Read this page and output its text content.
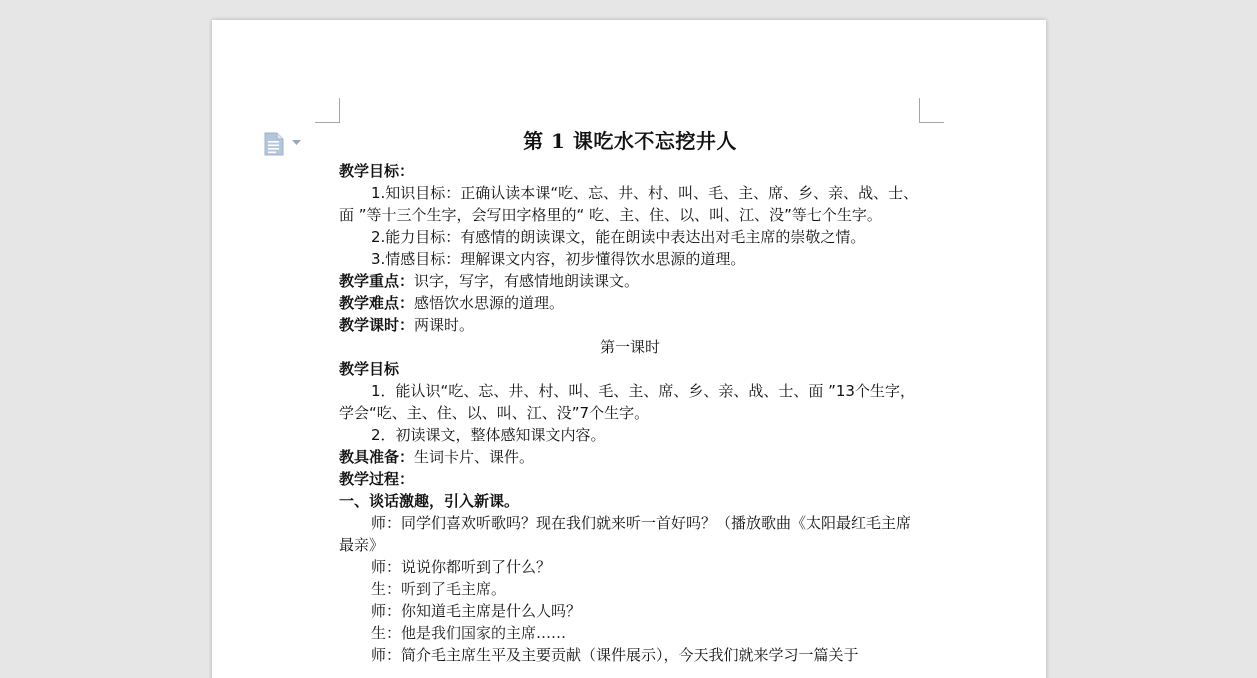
第 1 课吃水不忘挖井人

教学目标：

1.知识目标：正确认读本课“吃、忘、井、村、叫、毛、主、席、乡、亲、战、士、面 ”等十三个生字，会写田字格里的“ 吃、主、住、以、叫、江、没”等七个生字。

2.能力目标：有感情的朗读课文，能在朗读中表达出对毛主席的崇敬之情。

3.情感目标：理解课文内容，初步懂得饮水思源的道理。

教学重点：识字，写字，有感情地朗读课文。

教学难点：感悟饮水思源的道理。

教学课时：两课时。

第一课时

教学目标

1．能认识“吃、忘、井、村、叫、毛、主、席、乡、亲、战、士、面 ”13个生字，学会“吃、主、住、以、叫、江、没”7个生字。

2．初读课文，整体感知课文内容。

教具准备：生词卡片、课件。

教学过程：

一、谈话激趣，引入新课。

师：同学们喜欢听歌吗？现在我们就来听一首好吗？（播放歌曲《太阳最红毛主席最亲》

师：说说你都听到了什么？

生：听到了毛主席。

师：你知道毛主席是什么人吗？

生：他是我们国家的主席……

师：简介毛主席生平及主要贡献（课件展示），今天我们就来学习一篇关于
